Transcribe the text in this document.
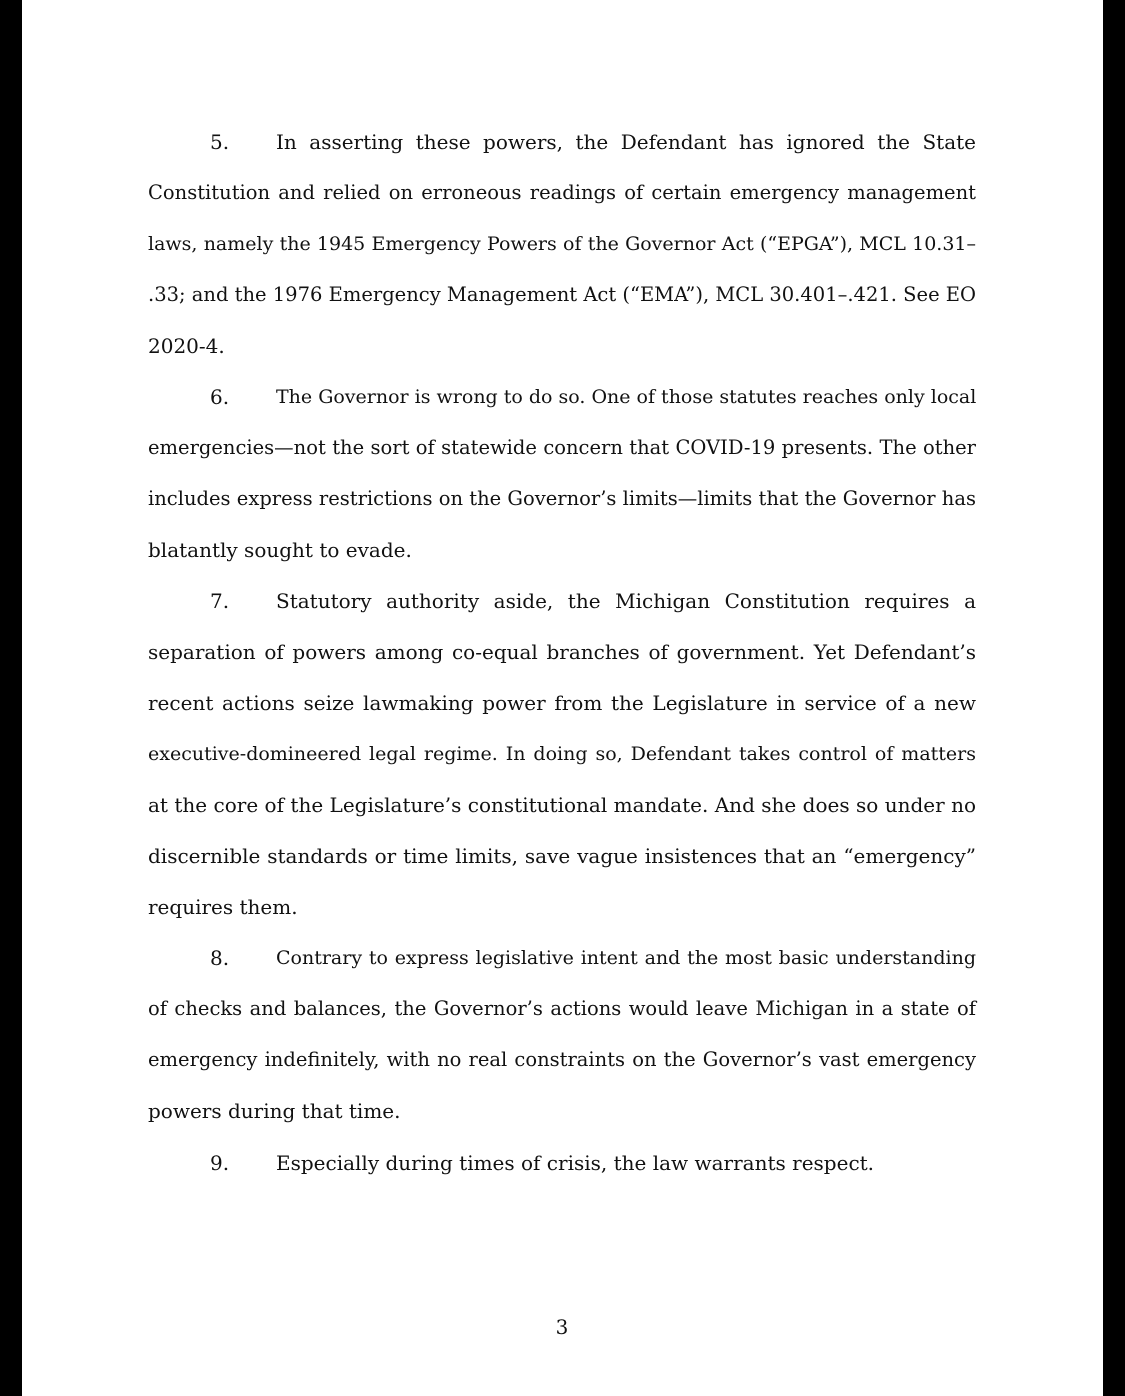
5.	In asserting these powers, the Defendant has ignored the State
Constitution and relied on erroneous readings of certain emergency management
laws, namely the 1945 Emergency Powers of the Governor Act (“EPGA”), MCL 10.31–
.33; and the 1976 Emergency Management Act (“EMA”), MCL 30.401–.421. See EO
2020-4.
6.	The Governor is wrong to do so. One of those statutes reaches only local
emergencies—not the sort of statewide concern that COVID-19 presents. The other
includes express restrictions on the Governor’s limits—limits that the Governor has
blatantly sought to evade.
7.	Statutory authority aside, the Michigan Constitution requires a
separation of powers among co-equal branches of government. Yet Defendant’s
recent actions seize lawmaking power from the Legislature in service of a new
executive-domineered legal regime. In doing so, Defendant takes control of matters
at the core of the Legislature’s constitutional mandate. And she does so under no
discernible standards or time limits, save vague insistences that an “emergency”
requires them.
8.	Contrary to express legislative intent and the most basic understanding
of checks and balances, the Governor’s actions would leave Michigan in a state of
emergency indefinitely, with no real constraints on the Governor’s vast emergency
powers during that time.
9.	Especially during times of crisis, the law warrants respect.
3
